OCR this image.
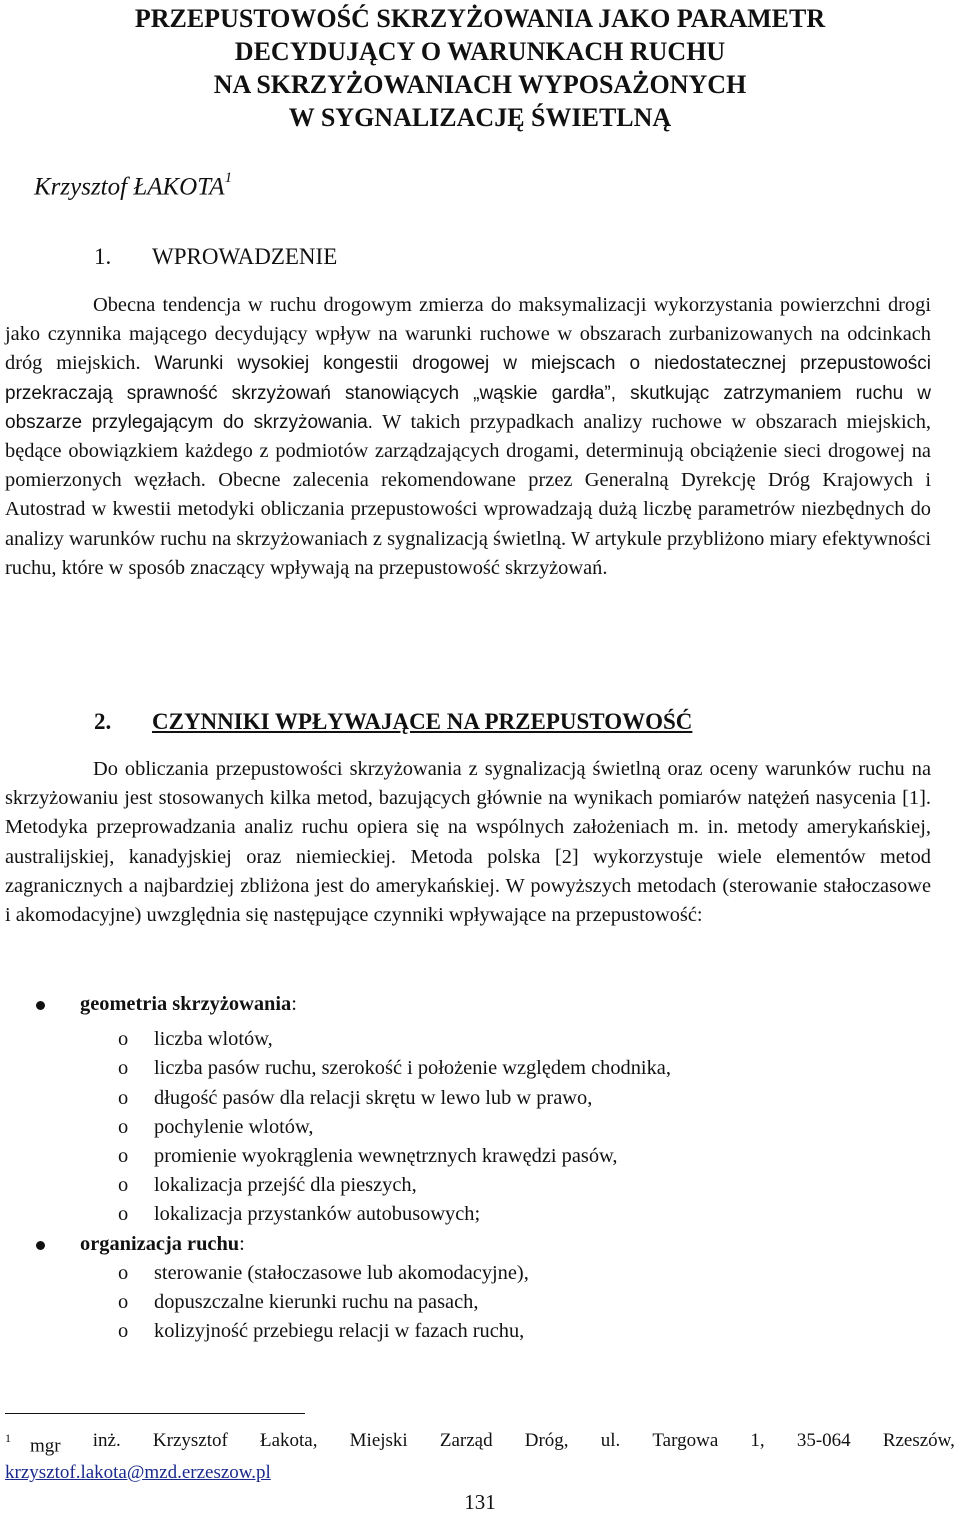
PRZEPUSTOWOŚĆ SKRZYŻOWANIA JAKO PARAMETR
DECYDUJĄCY O WARUNKACH RUCHU
NA SKRZYŻOWANIACH WYPOSAŻONYCH
W SYGNALIZACJĘ ŚWIETLNĄ
Krzysztof ŁAKOTA$^1$
1. WPROWADZENIE

Obecna tendencja w ruchu drogowym zmierza do maksymalizacji wykorzystania powierzchni drogi jako czynnika mającego decydujący wpływ na warunki ruchowe w obszarach zurbanizowanych na odcinkach dróg miejskich. Warunki wysokiej kongestii drogowej w miejscach o niedostatecznej przepustowości przekraczają sprawność skrzyżowań stanowiących „wąskie gardła”, skutkując zatrzymaniem ruchu w obszarze przylegającym do skrzyżowania. W takich przypadkach analizy ruchowe w obszarach miejskich, będące obowiązkiem każdego z podmiotów zarządzających drogami, determinują obciążenie sieci drogowej na pomierzonych węzłach. Obecne zalecenia rekomendowane przez Generalną Dyrekcję Dróg Krajowych i Autostrad w kwestii metodyki obliczania przepustowości wprowadzają dużą liczbę parametrów niezbędnych do analizy warunków ruchu na skrzyżowaniach z sygnalizacją świetlną. W artykule przybliżono miary efektywności ruchu, które w sposób znaczący wpływają na przepustowość skrzyżowań.

2. CZYNNIKI WPŁYWAJĄCE NA PRZEPUSTOWOŚĆ

Do obliczania przepustowości skrzyżowania z sygnalizacją świetlną oraz oceny warunków ruchu na skrzyżowaniu jest stosowanych kilka metod, bazujących głównie na wynikach pomiarów natężeń nasycenia [1]. Metodyka przeprowadzania analiz ruchu opiera się na wspólnych założeniach m. in. metody amerykańskiej, australijskiej, kanadyjskiej oraz niemieckiej. Metoda polska [2] wykorzystuje wiele elementów metod zagranicznych a najbardziej zbliżona jest do amerykańskiej. W powyższych metodach (sterowanie stałoczasowe i akomodacyjne) uwzględnia się następujące czynniki wpływające na przepustowość:

geometria skrzyżowania:
o liczba wlotów,
o liczba pasów ruchu, szerokość i położenie względem chodnika,
o długość pasów dla relacji skrętu w lewo lub w prawo,
o pochylenie wlotów,
o promienie wyokrąglenia wewnętrznych krawędzi pasów,
o lokalizacja przejść dla pieszych,
o lokalizacja przystanków autobusowych;
organizacja ruchu:
o sterowanie (stałoczasowe lub akomodacyjne),
o dopuszczalne kierunki ruchu na pasach,
o kolizyjność przebiegu relacji w fazach ruchu,
$^1$ mgr inż. Krzysztof Łakota, Miejski Zarząd Dróg, ul. Targowa 1, 35-064 Rzeszów,
krzysztof.lakota@mzd.erzeszow.pl
131
